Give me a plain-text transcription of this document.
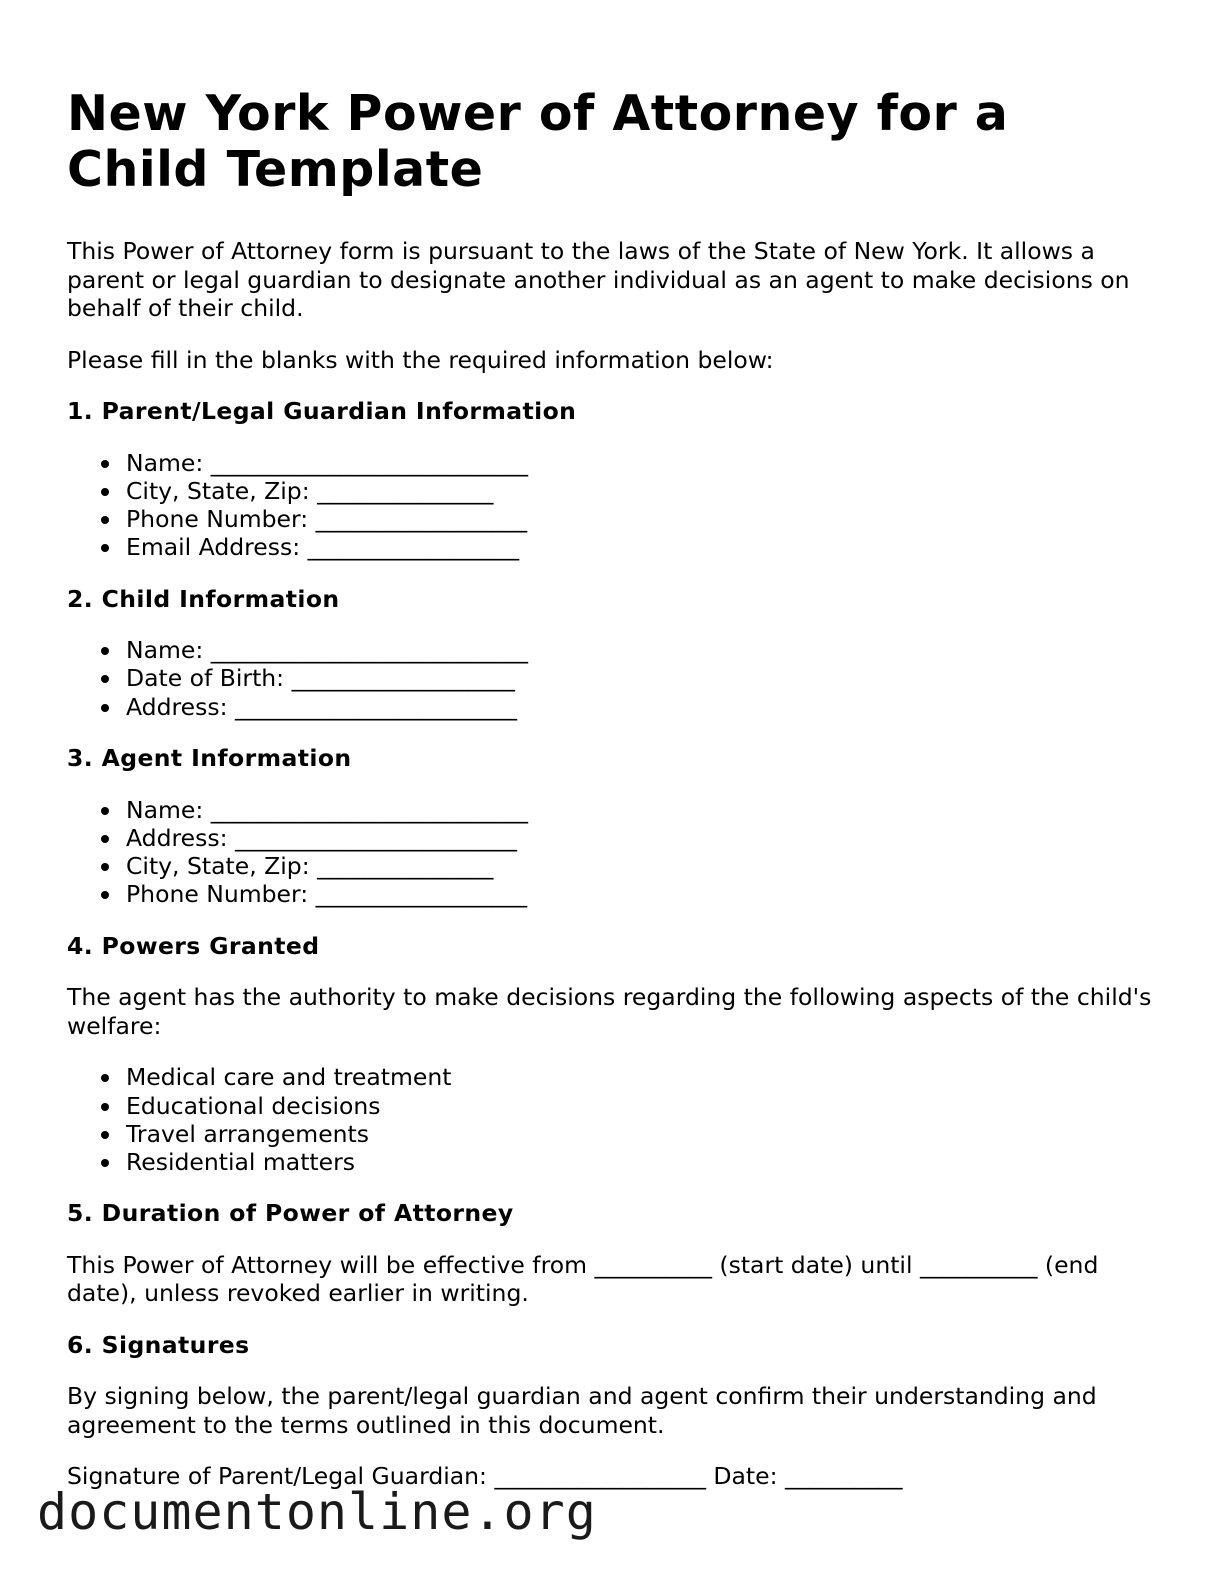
New York Power of Attorney for a Child Template

This Power of Attorney form is pursuant to the laws of the State of New York. It allows a parent or legal guardian to designate another individual as an agent to make decisions on behalf of their child.

Please fill in the blanks with the required information below:

1. Parent/Legal Guardian Information
Name: ___________________________
City, State, Zip: _______________
Phone Number: __________________
Email Address: __________________
2. Child Information
Name: ___________________________
Date of Birth: ___________________
Address: ________________________
3. Agent Information
Name: ___________________________
Address: ________________________
City, State, Zip: _______________
Phone Number: __________________
4. Powers Granted

The agent has the authority to make decisions regarding the following aspects of the child's welfare:

Medical care and treatment
Educational decisions
Travel arrangements
Residential matters
5. Duration of Power of Attorney

This Power of Attorney will be effective from __________ (start date) until __________ (end date), unless revoked earlier in writing.

6. Signatures

By signing below, the parent/legal guardian and agent confirm their understanding and agreement to the terms outlined in this document.

Signature of Parent/Legal Guardian: __________________ Date: __________

documentonline.org
